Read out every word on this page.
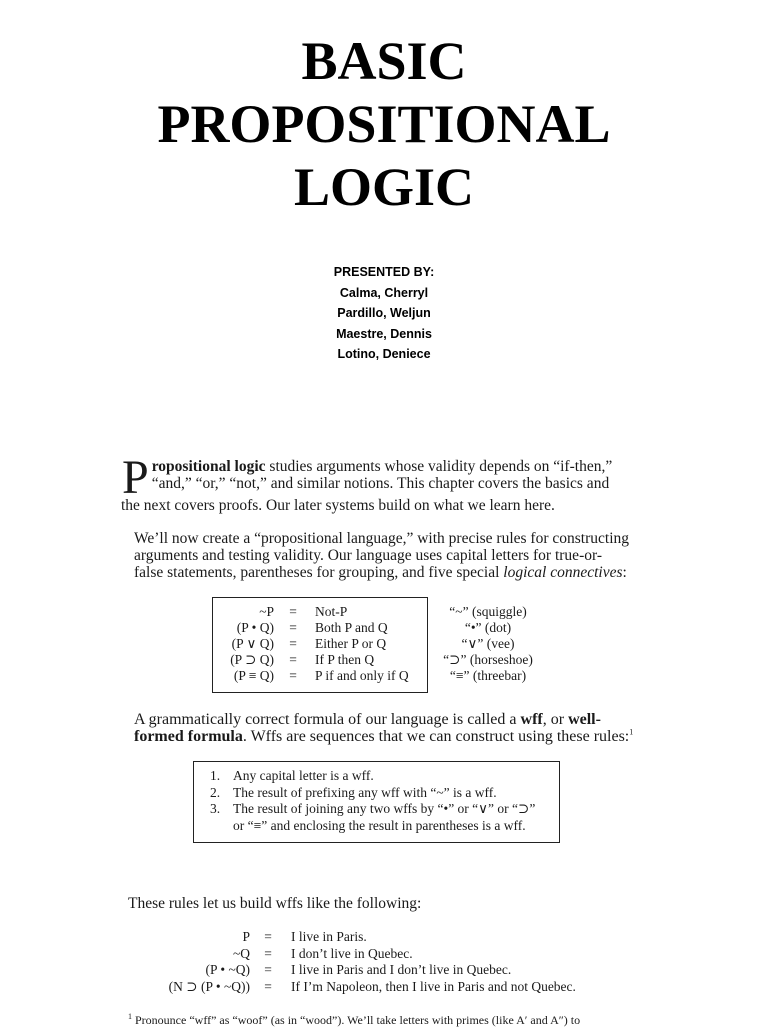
BASIC
PROPOSITIONAL
LOGIC
PRESENTED BY:
Calma, Cherryl
Pardillo, Weljun
Maestre, Dennis
Lotino, Deniece
P ropositional logic studies arguments whose validity depends on “if-then,”
“and,” “or,” “not,” and similar notions. This chapter covers the basics and
the next covers proofs. Our later systems build on what we learn here.
We’ll now create a “propositional language,” with precise rules for constructing
arguments and testing validity. Our language uses capital letters for true-or-
false statements, parentheses for grouping, and five special logical connectives:
~P
(P • Q)
(P ∨ Q)
(P ⊃ Q)
(P ≡ Q)
=
=
=
=
=
Not-P
Both P and Q
Either P or Q
If P then Q
P if and only if Q
“~” (squiggle)
“•” (dot)
“∨” (vee)
“⊃” (horseshoe)
“≡” (threebar)
A grammatically correct formula of our language is called a wff, or well-
formed formula. Wffs are sequences that we can construct using these rules:$^1$
1. Any capital letter is a wff.
2. The result of prefixing any wff with “~” is a wff.
3. The result of joining any two wffs by “•” or “∨” or “⊃”
or “≡” and enclosing the result in parentheses is a wff.
These rules let us build wffs like the following:
P
~Q
(P • ~Q)
(N ⊃ (P • ~Q))
=
=
=
=
I live in Paris.
I don’t live in Quebec.
I live in Paris and I don’t live in Quebec.
If I’m Napoleon, then I live in Paris and not Quebec.
$^1$ Pronounce “wff” as “woof” (as in “wood”). We’ll take letters with primes (like A′ and A″) to
